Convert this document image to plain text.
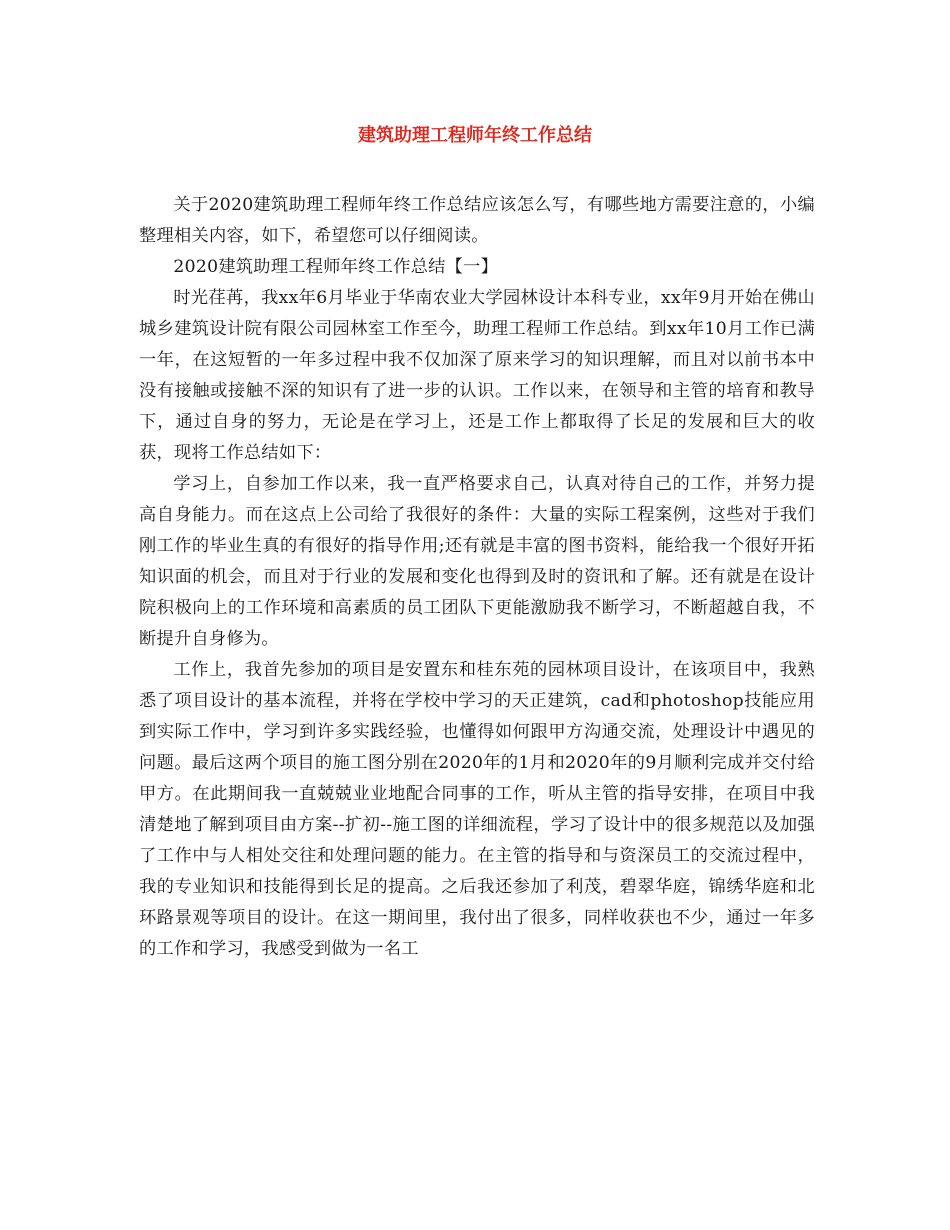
建筑助理工程师年终工作总结

关于2020建筑助理工程师年终工作总结应该怎么写，有哪些地方需要注意的，小编整理相关内容，如下，希望您可以仔细阅读。

2020建筑助理工程师年终工作总结【一】

时光荏苒，我xx年6月毕业于华南农业大学园林设计本科专业，xx年9月开始在佛山城乡建筑设计院有限公司园林室工作至今，助理工程师工作总结。到xx年10月工作已满一年，在这短暂的一年多过程中我不仅加深了原来学习的知识理解，而且对以前书本中没有接触或接触不深的知识有了进一步的认识。工作以来，在领导和主管的培育和教导下，通过自身的努力，无论是在学习上，还是工作上都取得了长足的发展和巨大的收获，现将工作总结如下：

学习上，自参加工作以来，我一直严格要求自己，认真对待自己的工作，并努力提高自身能力。而在这点上公司给了我很好的条件：大量的实际工程案例，这些对于我们刚工作的毕业生真的有很好的指导作用;还有就是丰富的图书资料，能给我一个很好开拓知识面的机会，而且对于行业的发展和变化也得到及时的资讯和了解。还有就是在设计院积极向上的工作环境和高素质的员工团队下更能激励我不断学习，不断超越自我，不断提升自身修为。

工作上，我首先参加的项目是安置东和桂东苑的园林项目设计，在该项目中，我熟悉了项目设计的基本流程，并将在学校中学习的天正建筑，cad和photoshop技能应用到实际工作中，学习到许多实践经验，也懂得如何跟甲方沟通交流，处理设计中遇见的问题。最后这两个项目的施工图分别在2020年的1月和2020年的9月顺利完成并交付给甲方。在此期间我一直兢兢业业地配合同事的工作，听从主管的指导安排，在项目中我清楚地了解到项目由方案--扩初--施工图的详细流程，学习了设计中的很多规范以及加强了工作中与人相处交往和处理问题的能力。在主管的指导和与资深员工的交流过程中，我的专业知识和技能得到长足的提高。之后我还参加了利茂，碧翠华庭，锦绣华庭和北环路景观等项目的设计。在这一期间里，我付出了很多，同样收获也不少，通过一年多的工作和学习，我感受到做为一名工
